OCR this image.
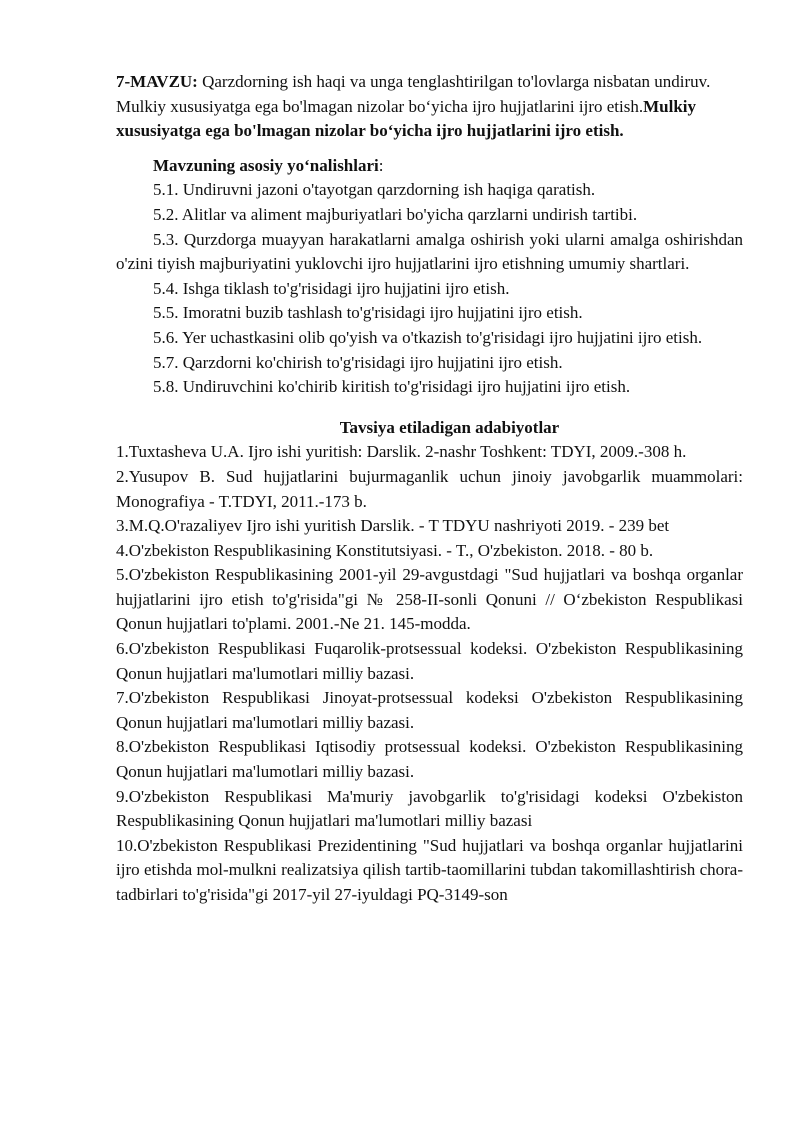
7-MAVZU: Qarzdorning ish haqi va unga tenglashtirilgan to'lovlarga nisbatan undiruv. Mulkiy xususiyatga ega bo'lmagan nizolar bo‘yicha ijro hujjatlarini ijro etish.Mulkiy xususiyatga ega bo'lmagan nizolar bo‘yicha ijro hujjatlarini ijro etish.

Mavzuning asosiy yo‘nalishlari:

5.1. Undiruvni jazoni o'tayotgan qarzdorning ish haqiga qaratish.

5.2. Alitlar va aliment majburiyatlari bo'yicha qarzlarni undirish tartibi.

5.3. Qurzdorga muayyan harakatlarni amalga oshirish yoki ularni amalga oshirishdan o'zini tiyish majburiyatini yuklovchi ijro hujjatlarini ijro etishning umumiy shartlari.

5.4. Ishga tiklash to'g'risidagi ijro hujjatini ijro etish.

5.5. Imoratni buzib tashlash to'g'risidagi ijro hujjatini ijro etish.

5.6. Yer uchastkasini olib qo'yish va o'tkazish to'g'risidagi ijro hujjatini ijro etish.

5.7. Qarzdorni ko'chirish to'g'risidagi ijro hujjatini ijro etish.

5.8. Undiruvchini ko'chirib kiritish to'g'risidagi ijro hujjatini ijro etish.

Tavsiya etiladigan adabiyotlar

1.Tuxtasheva U.A. Ijro ishi yuritish: Darslik. 2-nashr Toshkent: TDYI, 2009.-308 h.

2.Yusupov B. Sud hujjatlarini bujurmaganlik uchun jinoiy javobgarlik muammolari: Monografiya - T.TDYI, 2011.-173 b.

3.M.Q.O'razaliyev Ijro ishi yuritish Darslik. - T TDYU nashriyoti 2019. - 239 bet

4.O'zbekiston Respublikasining Konstitutsiyasi. - T., O'zbekiston. 2018. - 80 b.

5.O'zbekiston Respublikasining 2001-yil 29-avgustdagi "Sud hujjatlari va boshqa organlar hujjatlarini ijro etish to'g'risida"gi № 258-II-sonli Qonuni // O‘zbekiston Respublikasi Qonun hujjatlari to'plami. 2001.-Ne 21. 145-modda.

6.O'zbekiston Respublikasi Fuqarolik-protsessual kodeksi. O'zbekiston Respublikasining Qonun hujjatlari ma'lumotlari milliy bazasi.

7.O'zbekiston Respublikasi Jinoyat-protsessual kodeksi O'zbekiston Respublikasining Qonun hujjatlari ma'lumotlari milliy bazasi.

8.O'zbekiston Respublikasi Iqtisodiy protsessual kodeksi. O'zbekiston Respublikasining Qonun hujjatlari ma'lumotlari milliy bazasi.

9.O'zbekiston Respublikasi Ma'muriy javobgarlik to'g'risidagi kodeksi O'zbekiston Respublikasining Qonun hujjatlari ma'lumotlari milliy bazasi

10.O'zbekiston Respublikasi Prezidentining "Sud hujjatlari va boshqa organlar hujjatlarini ijro etishda mol-mulkni realizatsiya qilish tartib-taomillarini tubdan takomillashtirish chora-tadbirlari to'g'risida"gi 2017-yil 27-iyuldagi PQ-3149-son
